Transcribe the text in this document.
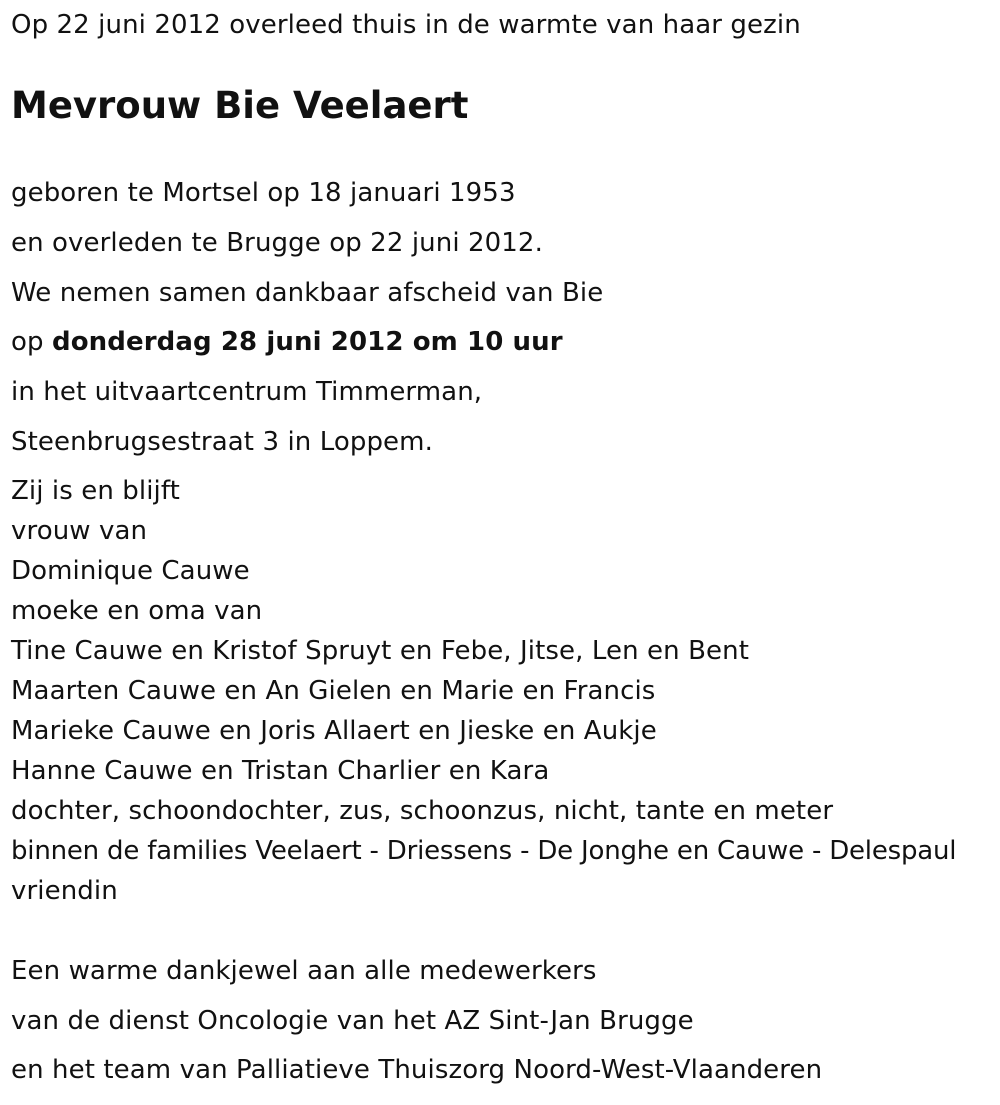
Op 22 juni 2012 overleed thuis in de warmte van haar gezin
Mevrouw Bie Veelaert
geboren te Mortsel op 18 januari 1953
en overleden te Brugge op 22 juni 2012.
We nemen samen dankbaar afscheid van Bie
op donderdag 28 juni 2012 om 10 uur
in het uitvaartcentrum Timmerman,
Steenbrugsestraat 3 in Loppem.
Zij is en blijft
vrouw van
Dominique Cauwe
moeke en oma van
Tine Cauwe en Kristof Spruyt en Febe, Jitse, Len en Bent
Maarten Cauwe en An Gielen en Marie en Francis
Marieke Cauwe en Joris Allaert en Jieske en Aukje
Hanne Cauwe en Tristan Charlier en Kara
dochter, schoondochter, zus, schoonzus, nicht, tante en meter
binnen de families Veelaert - Driessens - De Jonghe en Cauwe - Delespaul
vriendin
Een warme dankjewel aan alle medewerkers
van de dienst Oncologie van het AZ Sint-Jan Brugge
en het team van Palliatieve Thuiszorg Noord-West-Vlaanderen
